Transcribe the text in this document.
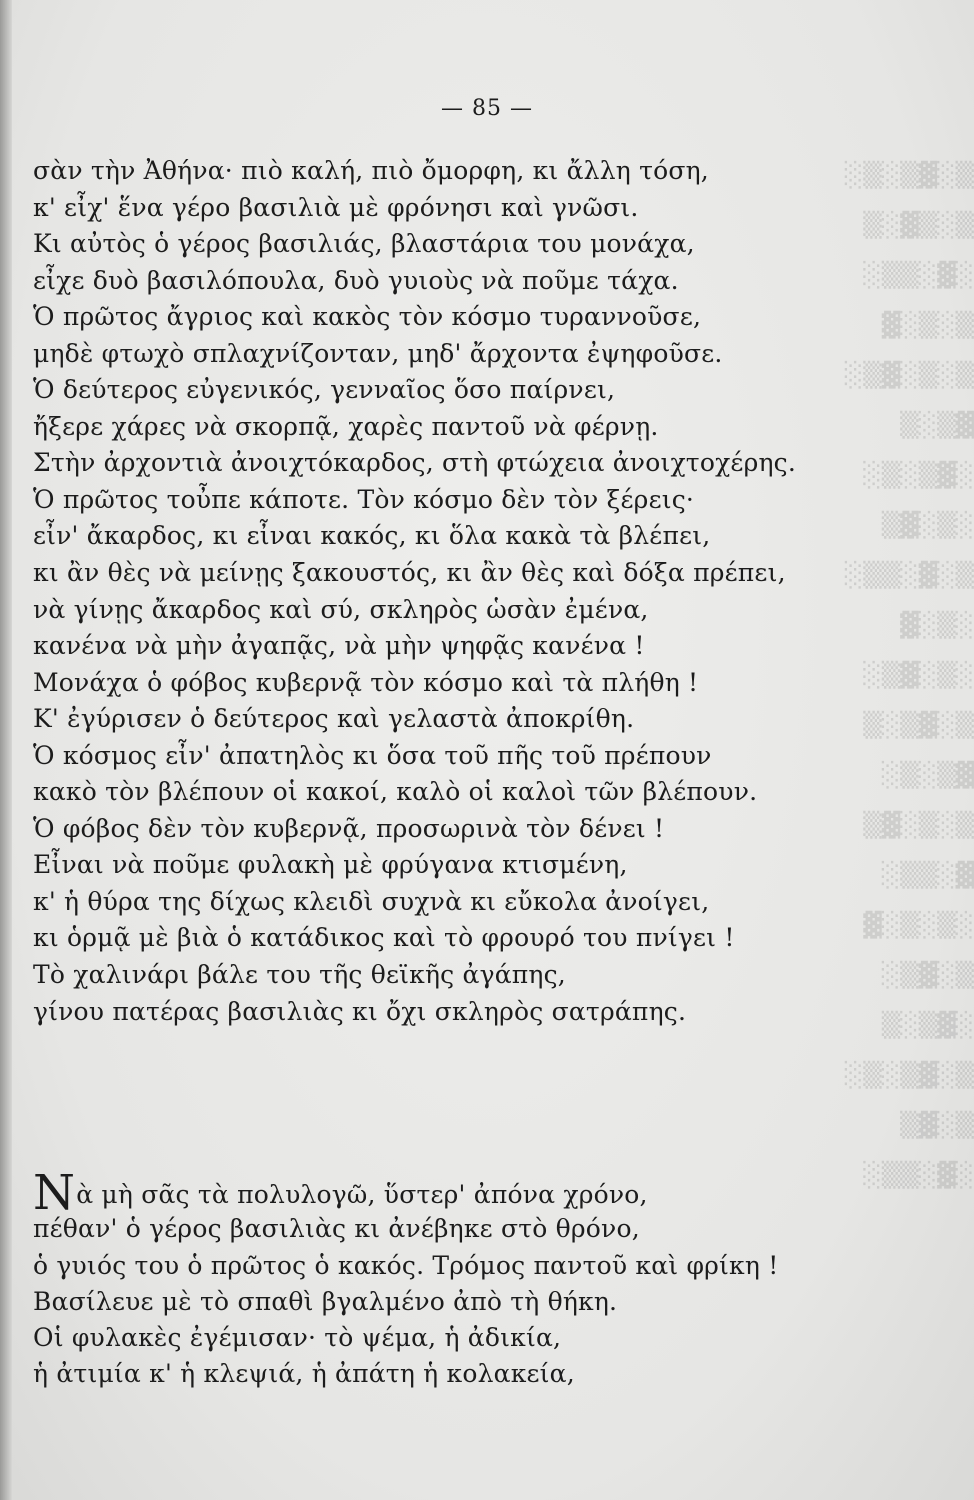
░▒░▒▓░▒
▒░▓▒░▒
░▒▒░▓░
▓░▒░▒
░▒▓░▒░▒
▒░▒▓
░▒░▒▓░
▒▓░▒░
░▒▒░▓░▒
▓░▒░
░▒▓░▒░
▒░▒▓░▒
░▒░▒▓
▒▓░▒░▒
░▒▒░▓
▓░▒░▒░
░▒▓░▒
▒░▒▓░
░▒░▒▓░▒
▒▓░▒
░▒▒░▓░
— 85 —
σὰν τὴν Ἀθήνα· πιὸ καλή, πιὸ ὄμορφη, κι ἄλλη τόση,
κ' εἶχ' ἕνα γέρο βασιλιὰ μὲ φρόνησι καὶ γνῶσι.
Κι αὐτὸς ὁ γέρος βασιλιάς, βλαστάρια του μονάχα,
εἶχε δυὸ βασιλόπουλα, δυὸ γυιοὺς νὰ ποῦμε τάχα.
Ὁ πρῶτος ἄγριος καὶ κακὸς τὸν κόσμο τυραννοῦσε,
μηδὲ φτωχὸ σπλαχνίζονταν, μηδ' ἄρχοντα ἐψηφοῦσε.
Ὁ δεύτερος εὐγενικός, γενναῖος ὅσο παίρνει,
ἤξερε χάρες νὰ σκορπᾷ, χαρὲς παντοῦ νὰ φέρνῃ.
Στὴν ἀρχοντιὰ ἀνοιχτόκαρδος, στὴ φτώχεια ἀνοιχτοχέρης.
Ὁ πρῶτος τοὖπε κάποτε. Τὸν κόσμο δὲν τὸν ξέρεις·
εἶν' ἄκαρδος, κι εἶναι κακός, κι ὅλα κακὰ τὰ βλέπει,
κι ἂν θὲς νὰ μείνῃς ξακουστός, κι ἂν θὲς καὶ δόξα πρέπει,
νὰ γίνῃς ἄκαρδος καὶ σύ, σκληρὸς ὡσὰν ἐμένα,
κανένα νὰ μὴν ἀγαπᾷς, νὰ μὴν ψηφᾷς κανένα !
Μονάχα ὁ φόβος κυβερνᾷ τὸν κόσμο καὶ τὰ πλήθη !
Κ' ἐγύρισεν ὁ δεύτερος καὶ γελαστὰ ἀποκρίθη.
Ὁ κόσμος εἶν' ἀπατηλὸς κι ὅσα τοῦ πῆς τοῦ πρέπουν
κακὸ τὸν βλέπουν οἱ κακοί, καλὸ οἱ καλοὶ τῶν βλέπουν.
Ὁ φόβος δὲν τὸν κυβερνᾷ, προσωρινὰ τὸν δένει !
Εἶναι νὰ ποῦμε φυλακὴ μὲ φρύγανα κτισμένη,
κ' ἡ θύρα της δίχως κλειδὶ συχνὰ κι εὔκολα ἀνοίγει,
κι ὁρμᾷ μὲ βιὰ ὁ κατάδικος καὶ τὸ φρουρό του πνίγει !
Τὸ χαλινάρι βάλε του τῆς θεϊκῆς ἀγάπης,
γίνου πατέρας βασιλιὰς κι ὄχι σκληρὸς σατράπης.
Νὰ μὴ σᾶς τὰ πολυλογῶ, ὕστερ' ἀπόνα χρόνο,
πέθαν' ὁ γέρος βασιλιὰς κι ἀνέβηκε στὸ θρόνο,
ὁ γυιός του ὁ πρῶτος ὁ κακός. Τρόμος παντοῦ καὶ φρίκη !
Βασίλευε μὲ τὸ σπαθὶ βγαλμένο ἀπὸ τὴ θήκη.
Οἱ φυλακὲς ἐγέμισαν· τὸ ψέμα, ἡ ἀδικία,
ἡ ἀτιμία κ' ἡ κλεψιά, ἡ ἀπάτη ἡ κολακεία,
